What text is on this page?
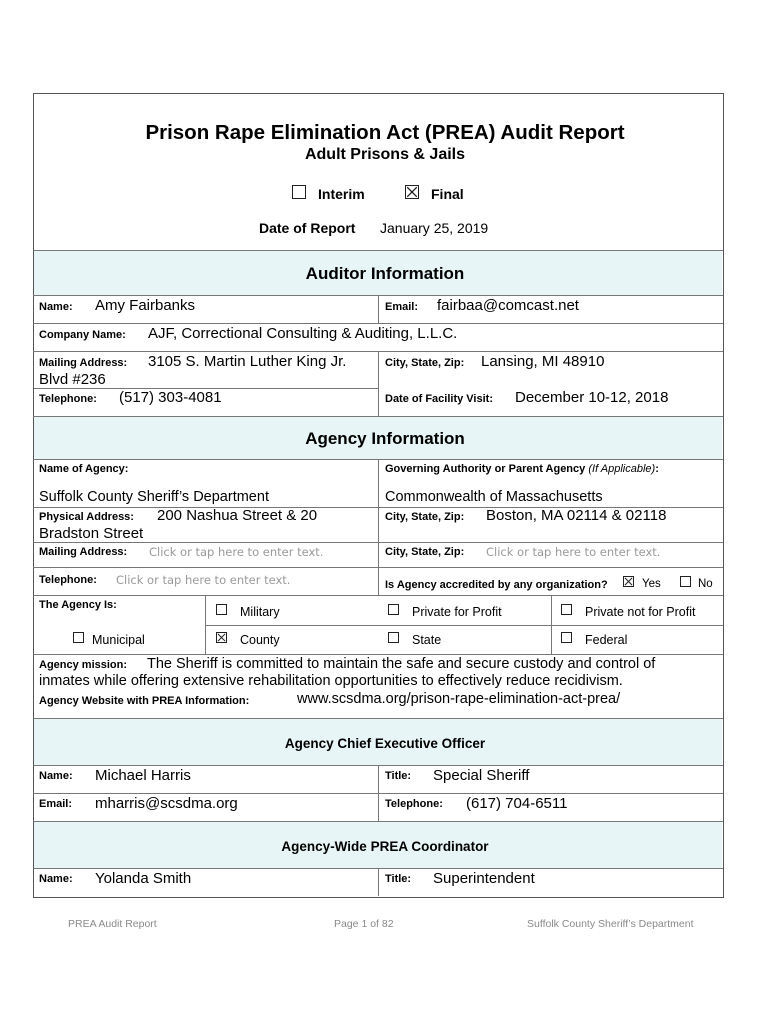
Prison Rape Elimination Act (PREA) Audit Report
Adult Prisons & Jails
Interim	Final
Date of Report January 25, 2019
Auditor Information
Name: Amy Fairbanks	Email: fairbaa@comcast.net
Company Name: AJF, Correctional Consulting & Auditing, L.L.C.
Mailing Address: 3105 S. Martin Luther King Jr.
Blvd #236
City, State, Zip: Lansing, MI 48910
Telephone: (517) 303-4081	Date of Facility Visit: December 10-12, 2018
Agency Information
Name of Agency:	Governing Authority or Parent Agency (If Applicable):
Suffolk County Sheriff’s Department	Commonwealth of Massachusetts
Physical Address: 200 Nashua Street & 20
Bradston Street
City, State, Zip: Boston, MA 02114 & 02118
Mailing Address: Click or tap here to enter text.	City, State, Zip: Click or tap here to enter text.
Telephone: Click or tap here to enter text.	Is Agency accredited by any organization?	Yes	No
The Agency Is:	Military	Private for Profit	Private not for Profit
Municipal	County	State	Federal
Agency mission: The Sheriff is committed to maintain the safe and secure custody and control of
inmates while offering extensive rehabilitation opportunities to effectively reduce recidivism.
Agency Website with PREA Information:	www.scsdma.org/prison-rape-elimination-act-prea/
Agency Chief Executive Officer
Name: Michael Harris	Title: Special Sheriff
Email: mharris@scsdma.org	Telephone: (617) 704-6511
Agency-Wide PREA Coordinator
Name: Yolanda Smith	Title: Superintendent
PREA Audit Report	Page 1 of 82	Suffolk County Sheriff’s Department
